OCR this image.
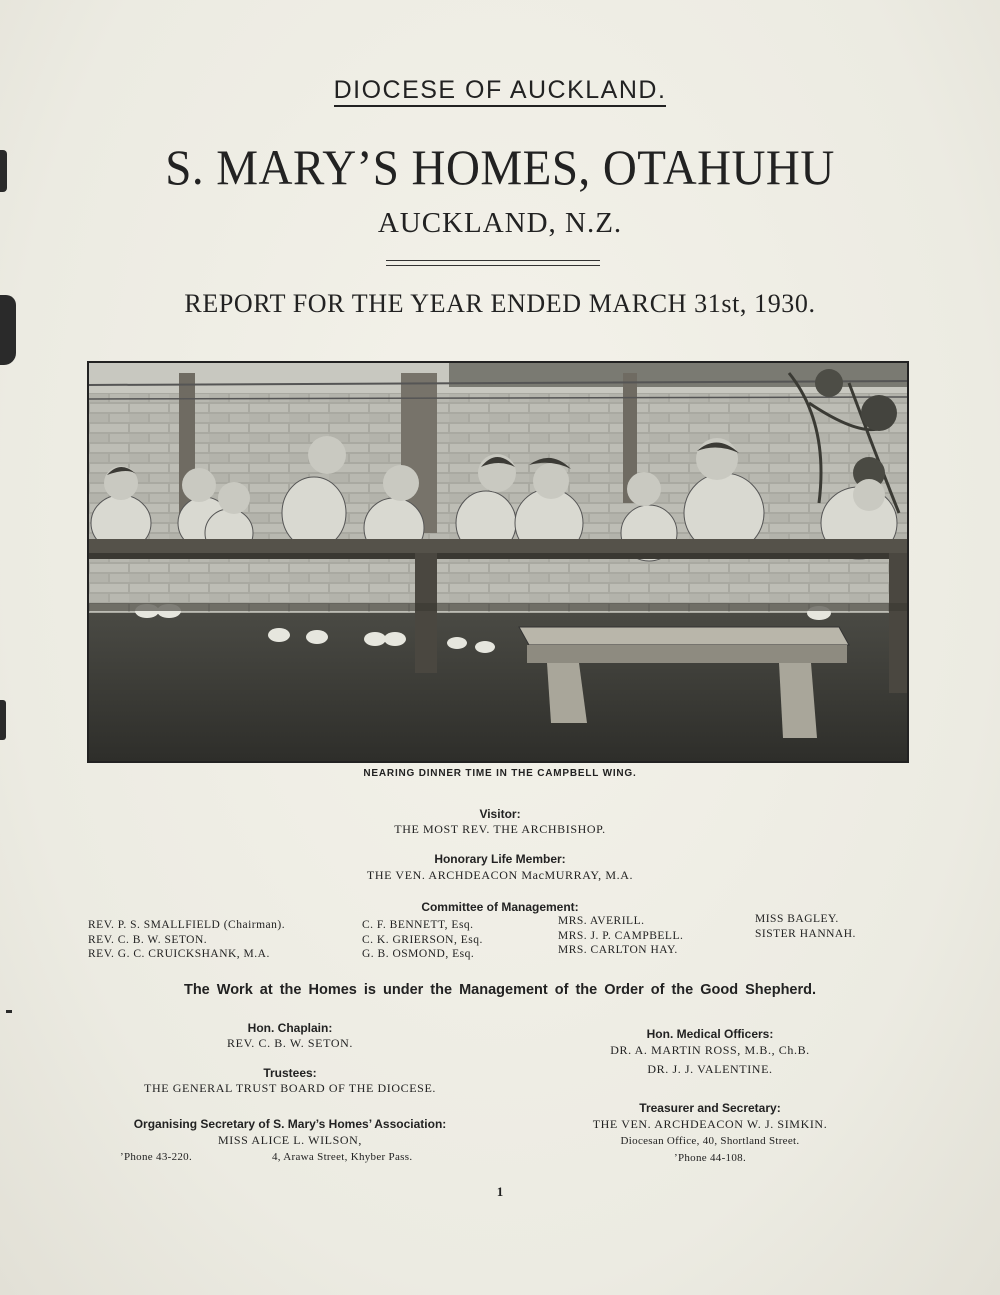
DIOCESE OF AUCKLAND.
S. MARY’S HOMES, OTAHUHU
AUCKLAND, N.Z.
REPORT FOR THE YEAR ENDED MARCH 31st, 1930.
NEARING DINNER TIME IN THE CAMPBELL WING.
Visitor:
THE MOST REV. THE ARCHBISHOP.
Honorary Life Member:
THE VEN. ARCHDEACON MacMURRAY, M.A.
Committee of Management:
REV. P. S. SMALLFIELD (Chairman).
REV. C. B. W. SETON.
REV. G. C. CRUICKSHANK, M.A.
C. F. BENNETT, Esq.
C. K. GRIERSON, Esq.
G. B. OSMOND, Esq.
MRS. AVERILL.
MRS. J. P. CAMPBELL.
MRS. CARLTON HAY.
MISS BAGLEY.
SISTER HANNAH.
The Work at the Homes is under the Management of the Order of the Good Shepherd.
Hon. Chaplain:
REV. C. B. W. SETON.
Trustees:
THE GENERAL TRUST BOARD OF THE DIOCESE.
Organising Secretary of S. Mary’s Homes’ Association:
MISS ALICE L. WILSON,
’Phone 43-220.	4, Arawa Street, Khyber Pass.
Hon. Medical Officers:
DR. A. MARTIN ROSS, M.B., Ch.B.
DR. J. J. VALENTINE.
Treasurer and Secretary:
THE VEN. ARCHDEACON W. J. SIMKIN.
Diocesan Office, 40, Shortland Street.
’Phone 44-108.
1
